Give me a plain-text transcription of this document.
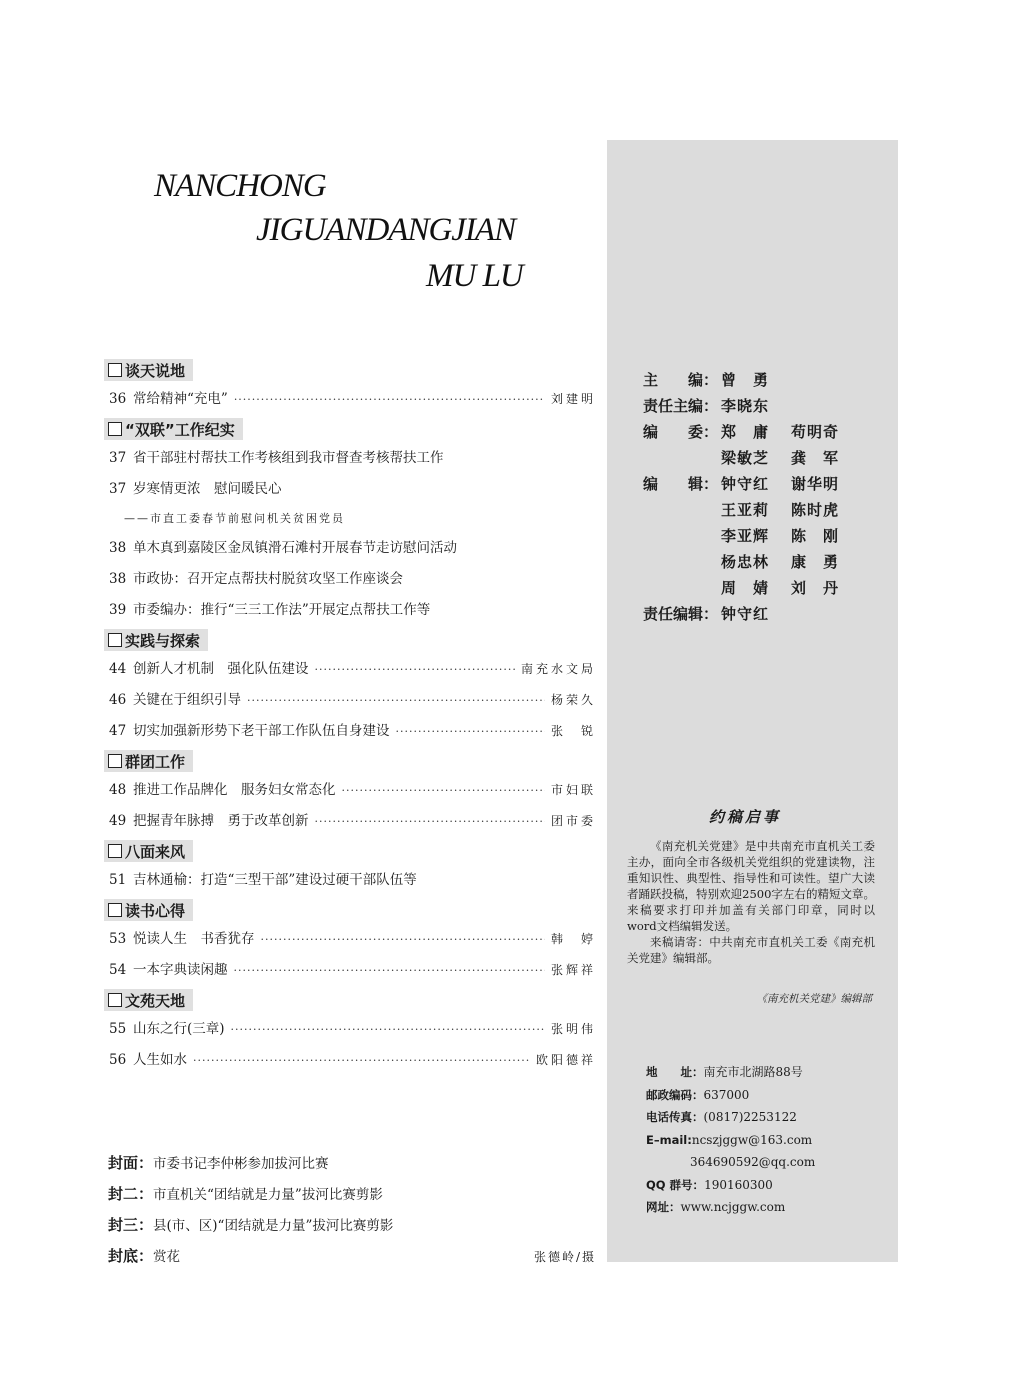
NANCHONG
JIGUANDANGJIAN
MU LU
谈天说地
36 常给精神“充电” ·····	刘建明
“双联”工作纪实
37 省干部驻村帮扶工作考核组到我市督查考核帮扶工作
37 岁寒情更浓　慰问暖民心
——市直工委春节前慰问机关贫困党员
38 单木真到嘉陵区金凤镇滑石滩村开展春节走访慰问活动
38 市政协：召开定点帮扶村脱贫攻坚工作座谈会
39 市委编办：推行“三三工作法”开展定点帮扶工作等
实践与探索
44 创新人才机制　强化队伍建设 ·····	南充水文局
46 关键在于组织引导 ·····	杨荣久
47 切实加强新形势下老干部工作队伍自身建设 ·····	张　锐
群团工作
48 推进工作品牌化　服务妇女常态化 ·····	市妇联
49 把握青年脉搏　勇于改革创新 ·····	团市委
八面来风
51 吉林通榆：打造“三型干部”建设过硬干部队伍等
读书心得
53 悦读人生　书香犹存 ·····	韩　婷
54 一本字典读闲趣 ·····	张辉祥
文苑天地
55 山东之行(三章) ·····	张明伟
56 人生如水 ·····	欧阳德祥
封面： 市委书记李仲彬参加拔河比赛
封二： 市直机关“团结就是力量”拔河比赛剪影
封三： 县(市、区)“团结就是力量”拔河比赛剪影
封底： 赏花	张德岭/摄
主　　编： 曾　勇
责任主编： 李晓东
编　　委： 郑　庸	苟明奇
梁敏芝	龚　军
编　　辑： 钟守红	谢华明
王亚莉	陈时虎
李亚辉	陈　刚
杨忠林	康　勇
周　婧	刘　丹
责任编辑： 钟守红
约稿启事

《南充机关党建》是中共南充市直机关工委主办，面向全市各级机关党组织的党建读物，注重知识性、典型性、指导性和可读性。望广大读者踊跃投稿，特别欢迎2500字左右的精短文章。来稿要求打印并加盖有关部门印章，同时以word文档编辑发送。

来稿请寄：中共南充市直机关工委《南充机关党建》编辑部。

《南充机关党建》编辑部
地　　址： 南充市北湖路88号
邮政编码： 637000
电话传真： (0817)2253122
E–mail: ncszjggw@163.com
364690592@qq.com
QQ 群号： 190160300
网址： www.ncjggw.com
